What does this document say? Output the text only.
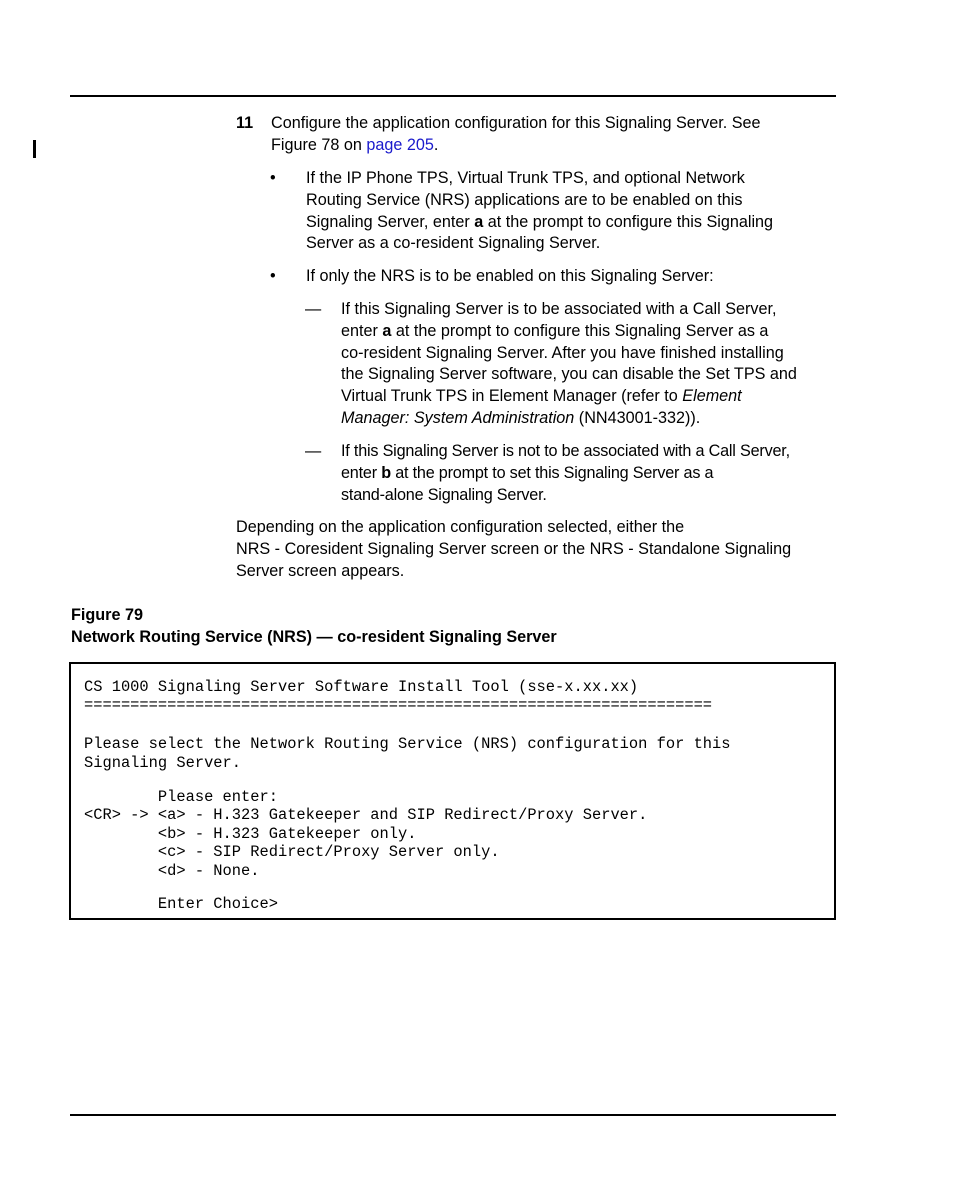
11 Configure the application configuration for this Signaling Server. See
Figure 78 on page 205.

• If the IP Phone TPS, Virtual Trunk TPS, and optional Network
Routing Service (NRS) applications are to be enabled on this
Signaling Server, enter a at the prompt to configure this Signaling
Server as a co-resident Signaling Server.

• If only the NRS is to be enabled on this Signaling Server:

— If this Signaling Server is to be associated with a Call Server,
enter a at the prompt to configure this Signaling Server as a
co-resident Signaling Server. After you have finished installing
the Signaling Server software, you can disable the Set TPS and
Virtual Trunk TPS in Element Manager (refer to Element
Manager: System Administration (NN43001-332)).

— If this Signaling Server is not to be associated with a Call Server,
enter b at the prompt to set this Signaling Server as a
stand-alone Signaling Server.

Depending on the application configuration selected, either the
NRS - Coresident Signaling Server screen or the NRS - Standalone Signaling
Server screen appears.

Figure 79
Network Routing Service (NRS) — co-resident Signaling Server
CS 1000 Signaling Server Software Install Tool (sse-x.xx.xx)
====================================================================
Please select the Network Routing Service (NRS) configuration for this
Signaling Server.
Please enter:
<CR> -> <a> - H.323 Gatekeeper and SIP Redirect/Proxy Server.
<b> - H.323 Gatekeeper only.
<c> - SIP Redirect/Proxy Server only.
<d> - None.
Enter Choice>
